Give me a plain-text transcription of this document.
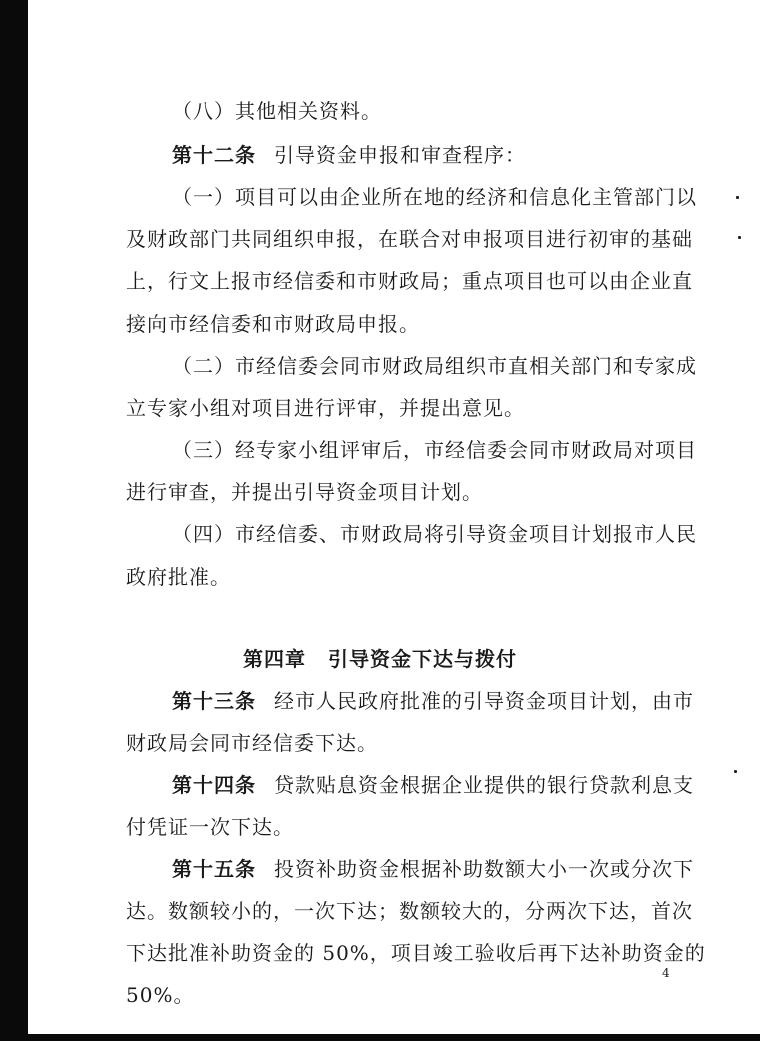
（八）其他相关资料。
第十二条 引导资金申报和审查程序：
（一）项目可以由企业所在地的经济和信息化主管部门以
及财政部门共同组织申报，在联合对申报项目进行初审的基础
上，行文上报市经信委和市财政局；重点项目也可以由企业直
接向市经信委和市财政局申报。
（二）市经信委会同市财政局组织市直相关部门和专家成
立专家小组对项目进行评审，并提出意见。
（三）经专家小组评审后，市经信委会同市财政局对项目
进行审查，并提出引导资金项目计划。
（四）市经信委、市财政局将引导资金项目计划报市人民
政府批准。
第四章 引导资金下达与拨付
第十三条 经市人民政府批准的引导资金项目计划，由市
财政局会同市经信委下达。
第十四条 贷款贴息资金根据企业提供的银行贷款利息支
付凭证一次下达。
第十五条 投资补助资金根据补助数额大小一次或分次下
达。数额较小的，一次下达；数额较大的，分两次下达，首次
下达批准补助资金的 50%，项目竣工验收后再下达补助资金的
50%。
4
